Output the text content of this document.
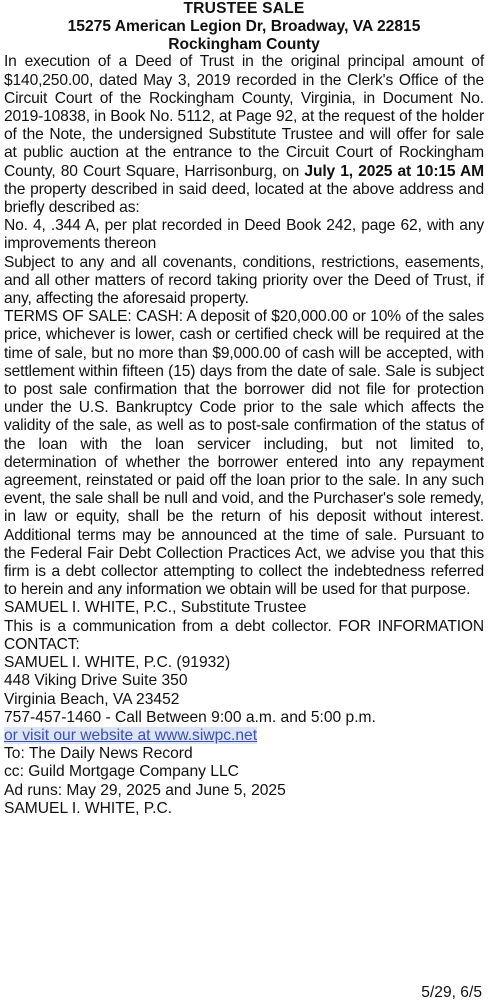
TRUSTEE SALE

15275 American Legion Dr, Broadway, VA 22815

Rockingham County

In execution of a Deed of Trust in the original principal amount of $140,250.00, dated May 3, 2019 recorded in the Clerk's Office of the Circuit Court of the Rockingham County, Virginia, in Document No. 2019-10838, in Book No. 5112, at Page 92, at the request of the holder of the Note, the undersigned Substitute Trustee and will offer for sale at public auction at the entrance to the Circuit Court of Rockingham County, 80 Court Square, Harrisonburg, on July 1, 2025 at 10:15 AM the property described in said deed, located at the above address and briefly described as:

No. 4, .344 A, per plat recorded in Deed Book 242, page 62, with any improvements thereon

Subject to any and all covenants, conditions, restrictions, easements, and all other matters of record taking priority over the Deed of Trust, if any, affecting the aforesaid property.

TERMS OF SALE: CASH: A deposit of $20,000.00 or 10% of the sales price, whichever is lower, cash or certified check will be required at the time of sale, but no more than $9,000.00 of cash will be accepted, with settlement within fifteen (15) days from the date of sale. Sale is subject to post sale confirmation that the borrower did not file for protection under the U.S. Bankruptcy Code prior to the sale which affects the validity of the sale, as well as to post-sale confirmation of the status of the loan with the loan servicer including, but not limited to, determination of whether the borrower entered into any repayment agreement, reinstated or paid off the loan prior to the sale. In any such event, the sale shall be null and void, and the Purchaser's sole remedy, in law or equity, shall be the return of his deposit without interest. Additional terms may be announced at the time of sale. Pursuant to the Federal Fair Debt Collection Practices Act, we advise you that this firm is a debt collector attempting to collect the indebtedness referred to herein and any information we obtain will be used for that purpose.

SAMUEL I. WHITE, P.C., Substitute Trustee

This is a communication from a debt collector. FOR INFORMATION CONTACT:

SAMUEL I. WHITE, P.C. (91932)

448 Viking Drive Suite 350

Virginia Beach, VA 23452

757-457-1460 - Call Between 9:00 a.m. and 5:00 p.m.

or visit our website at www.siwpc.net

To: The Daily News Record

cc: Guild Mortgage Company LLC

Ad runs: May 29, 2025 and June 5, 2025

SAMUEL I. WHITE, P.C.

5/29, 6/5
